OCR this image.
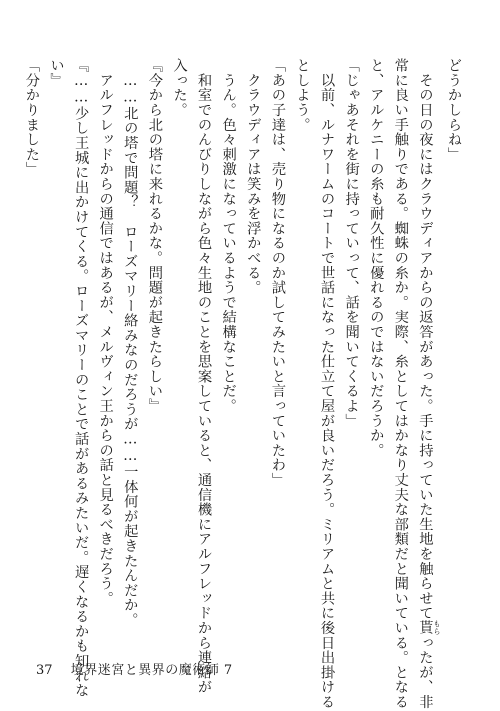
どうかしらね」

　その日の夜にはクラウディアからの返答があった。手に持っていた生地を触らせて貰 もらったが、非

常に良い手触りである。蜘蛛の糸か。実際、糸としてはかなり丈夫な部類だと聞いている。となる

と、アルケニーの糸も耐久性に優れるのではないだろうか。

「じゃあそれを街に持っていって、話を聞いてくるよ」

　以前、ルナワームのコートで世話になった仕立て屋が良いだろう。ミリアムと共に後日出掛ける

としよう。

「あの子達は、売り物になるのか試してみたいと言っていたわ」

　クラウディアは笑みを浮かべる。

　うん。色々刺激になっているようで結構なことだ。

　和室でのんびりしながら色々生地のことを思案していると、通信機にアルフレッドから連絡が

入った。

『今から北の塔に来れるかな。問題が起きたらしい』

　……北の塔で問題？　ローズマリー絡みなのだろうが……一体何が起きたんだか。

　アルフレッドからの通信ではあるが、メルヴィン王からの話と見るべきだろう。

『……少し王城に出かけてくる。ローズマリーのことで話があるみたいだ。遅くなるかも知れな

い』

「分かりました」

37 境界迷宮と異界の魔術師 7
